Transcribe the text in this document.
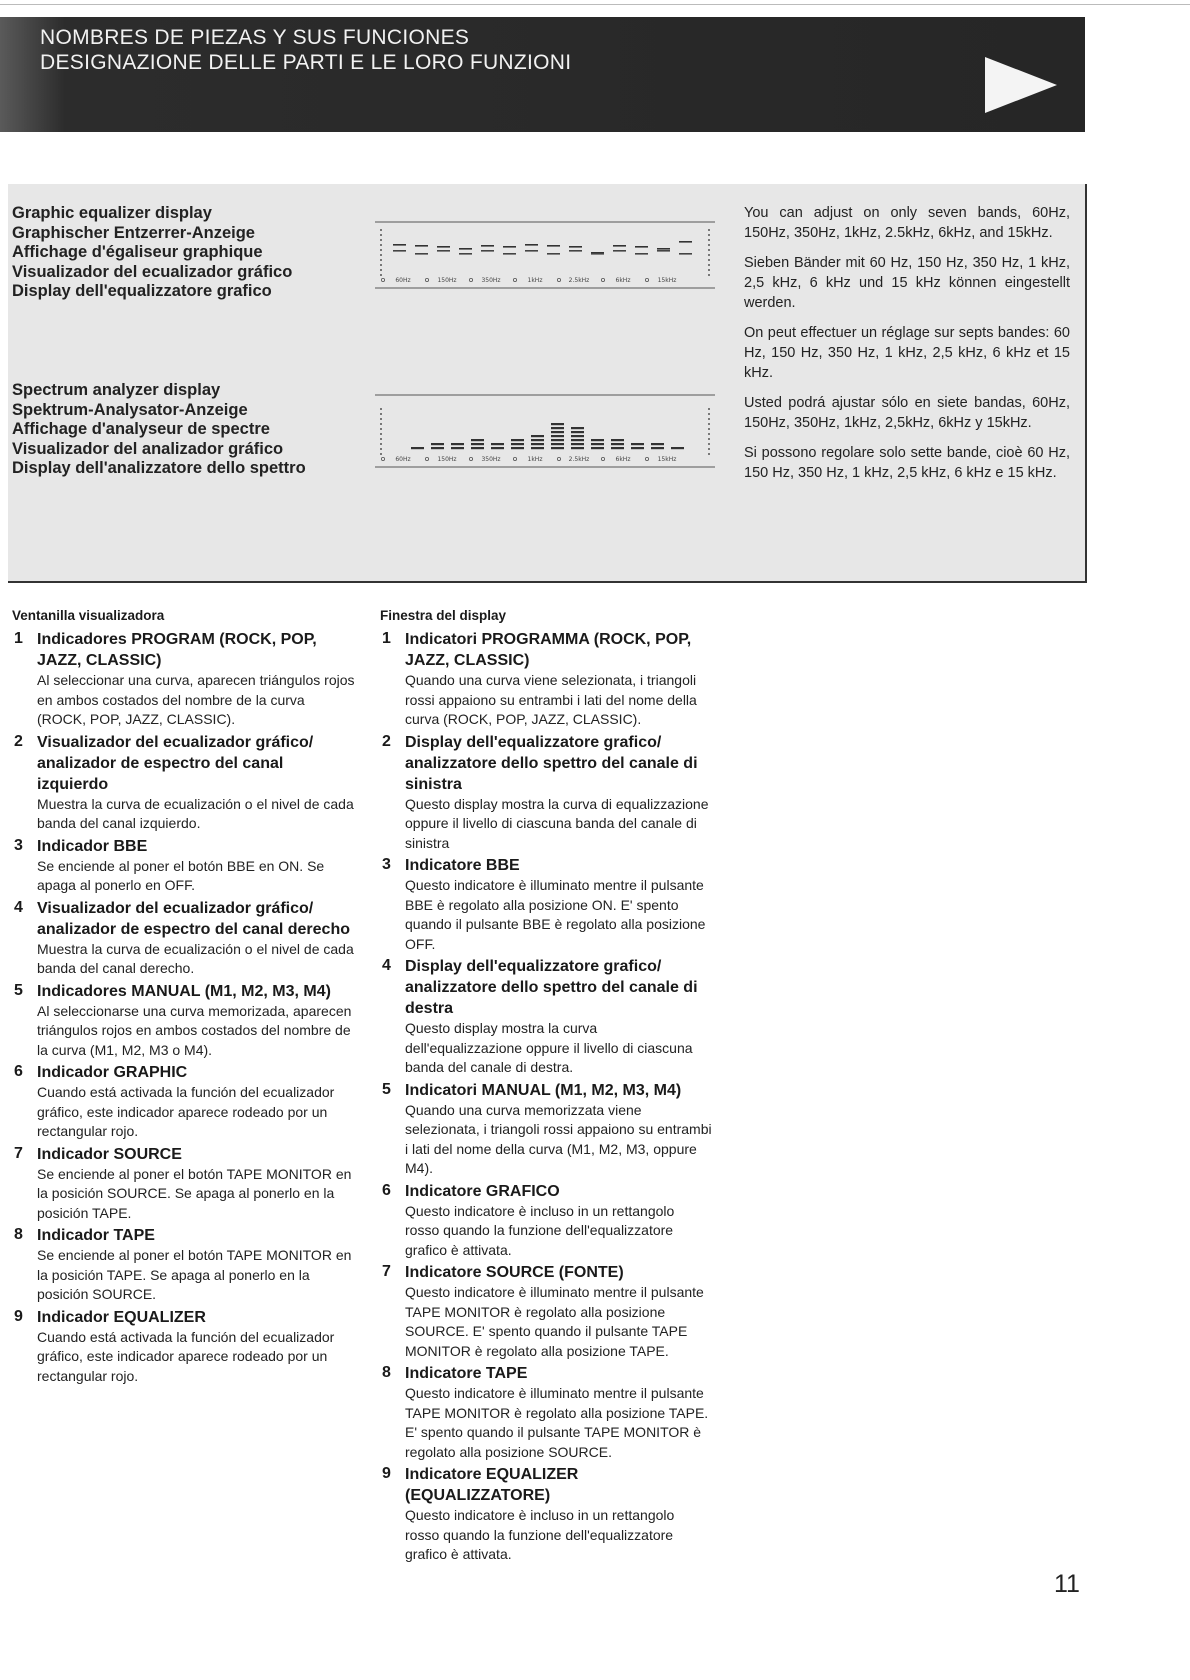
NOMBRES DE PIEZAS Y SUS FUNCIONES
DESIGNAZIONE DELLE PARTI E LE LORO FUNZIONI
Graphic equalizer display
Graphischer Entzerrer-Anzeige
Affichage d'égaliseur graphique
Visualizador del ecualizador gráfico
Display dell'equalizzatore grafico
60Hz	150Hz	350Hz	1kHz	2.5kHz	6kHz	15kHz
Spectrum analyzer display
Spektrum-Analysator-Anzeige
Affichage d'analyseur de spectre
Visualizador del analizador gráfico
Display dell'analizzatore dello spettro	60Hz	150Hz	350Hz	1kHz	2.5kHz	6kHz	15kHz

You can adjust on only seven bands, 60Hz, 150Hz, 350Hz, 1kHz, 2.5kHz, 6kHz, and 15kHz.

Sieben Bänder mit 60 Hz, 150 Hz, 350 Hz, 1 kHz, 2,5 kHz, 6 kHz und 15 kHz können eingestellt werden.

On peut effectuer un réglage sur septs bandes: 60 Hz, 150 Hz, 350 Hz, 1 kHz, 2,5 kHz, 6 kHz et 15 kHz.

Usted podrá ajustar sólo en siete bandas, 60Hz, 150Hz, 350Hz, 1kHz, 2,5kHz, 6kHz y 15kHz.

Si possono regolare solo sette bande, cioè 60 Hz, 150 Hz, 350 Hz, 1 kHz, 2,5 kHz, 6 kHz e 15 kHz.

Ventanilla visualizadora
1 Indicadores PROGRAM (ROCK, POP, JAZZ, CLASSIC)
Al seleccionar una curva, aparecen triángulos rojos en ambos costados del nombre de la curva (ROCK, POP, JAZZ, CLASSIC).
2 Visualizador del ecualizador gráfico/ analizador de espectro del canal izquierdo
Muestra la curva de ecualización o el nivel de cada banda del canal izquierdo.
3 Indicador BBE
Se enciende al poner el botón BBE en ON. Se apaga al ponerlo en OFF.
4 Visualizador del ecualizador gráfico/ analizador de espectro del canal derecho
Muestra la curva de ecualización o el nivel de cada banda del canal derecho.
5 Indicadores MANUAL (M1, M2, M3, M4)
Al seleccionarse una curva memorizada, aparecen triángulos rojos en ambos costados del nombre de la curva (M1, M2, M3 o M4).
6 Indicador GRAPHIC
Cuando está activada la función del ecualizador gráfico, este indicador aparece rodeado por un rectangular rojo.
7 Indicador SOURCE
Se enciende al poner el botón TAPE MONITOR en la posición SOURCE. Se apaga al ponerlo en la posición TAPE.
8 Indicador TAPE
Se enciende al poner el botón TAPE MONITOR en la posición TAPE. Se apaga al ponerlo en la posición SOURCE.
9 Indicador EQUALIZER
Cuando está activada la función del ecualizador gráfico, este indicador aparece rodeado por un rectangular rojo.
Finestra del display
1 Indicatori PROGRAMMA (ROCK, POP, JAZZ, CLASSIC)
Quando una curva viene selezionata, i triangoli rossi appaiono su entrambi i lati del nome della curva (ROCK, POP, JAZZ, CLASSIC).
2 Display dell'equalizzatore grafico/ analizzatore dello spettro del canale di sinistra
Questo display mostra la curva di equalizzazione oppure il livello di ciascuna banda del canale di sinistra
3 Indicatore BBE
Questo indicatore è illuminato mentre il pulsante BBE è regolato alla posizione ON. E' spento quando il pulsante BBE è regolato alla posizione OFF.
4 Display dell'equalizzatore grafico/ analizzatore dello spettro del canale di destra
Questo display mostra la curva dell'equalizzazione oppure il livello di ciascuna banda del canale di destra.
5 Indicatori MANUAL (M1, M2, M3, M4)
Quando una curva memorizzata viene selezionata, i triangoli rossi appaiono su entrambi i lati del nome della curva (M1, M2, M3, oppure M4).
6 Indicatore GRAFICO
Questo indicatore è incluso in un rettangolo rosso quando la funzione dell'equalizzatore grafico è attivata.
7 Indicatore SOURCE (FONTE)
Questo indicatore è illuminato mentre il pulsante TAPE MONITOR è regolato alla posizione SOURCE. E' spento quando il pulsante TAPE MONITOR è regolato alla posizione TAPE.
8 Indicatore TAPE
Questo indicatore è illuminato mentre il pulsante TAPE MONITOR è regolato alla posizione TAPE. E' spento quando il pulsante TAPE MONITOR è regolato alla posizione SOURCE.
9 Indicatore EQUALIZER (EQUALIZZATORE)
Questo indicatore è incluso in un rettangolo rosso quando la funzione dell'equalizzatore grafico è attivata.
11
